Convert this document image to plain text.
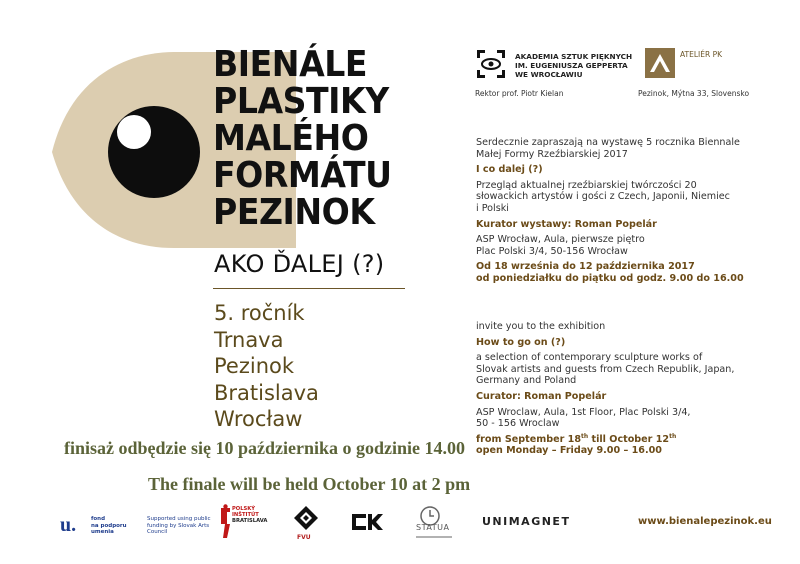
BIENÁLE
PLASTIKY
MALÉHO
FORMÁTU
PEZINOK
AKO ĎALEJ (?)
5. ročník
Trnava
Pezinok
Bratislava
Wrocław
finisaż odbędzie się 10 października o godzinie 14.00
The finale will be held October 10 at 2 pm
AKADEMIA SZTUK PIĘKNYCH
IM. EUGENIUSZA GEPPERTA
WE WROCŁAWIU
Rektor prof. Piotr Kielan
ATELIÉR PK
Pezinok, Mýtna 33, Slovensko
Serdecznie zapraszają na wystawę 5 rocznika Biennale
Małej Formy Rzeźbiarskiej 2017
I co dalej (?)
Przegląd aktualnej rzeźbiarskiej twórczości 20
słowackich artystów i gości z Czech, Japonii, Niemiec
i Polski
Kurator wystawy: Roman Popelár
ASP Wrocław, Aula, pierwsze piętro
Plac Polski 3/4, 50-156 Wrocław
Od 18 września do 12 października 2017
od poniedziałku do piątku od godz. 9.00 do 16.00
invite you to the exhibition
How to go on (?)
a selection of contemporary sculpture works of
Slovak artists and guests from Czech Republik, Japan,
Germany and Poland
Curator: Roman Popelár
ASP Wroclaw, Aula, 1st Floor, Plac Polski 3/4,
50 - 156 Wroclaw
from September 18th till October 12th
open Monday – Friday 9.00 – 16.00
u.	fond
na podporu
umenia
Supported using public
funding by Slovak Arts
Council
POLSKÝ
INŠTITÚT
BRATISLAVA
FVU
STATUA	UNIMAGNET	www.bienalepezinok.eu
